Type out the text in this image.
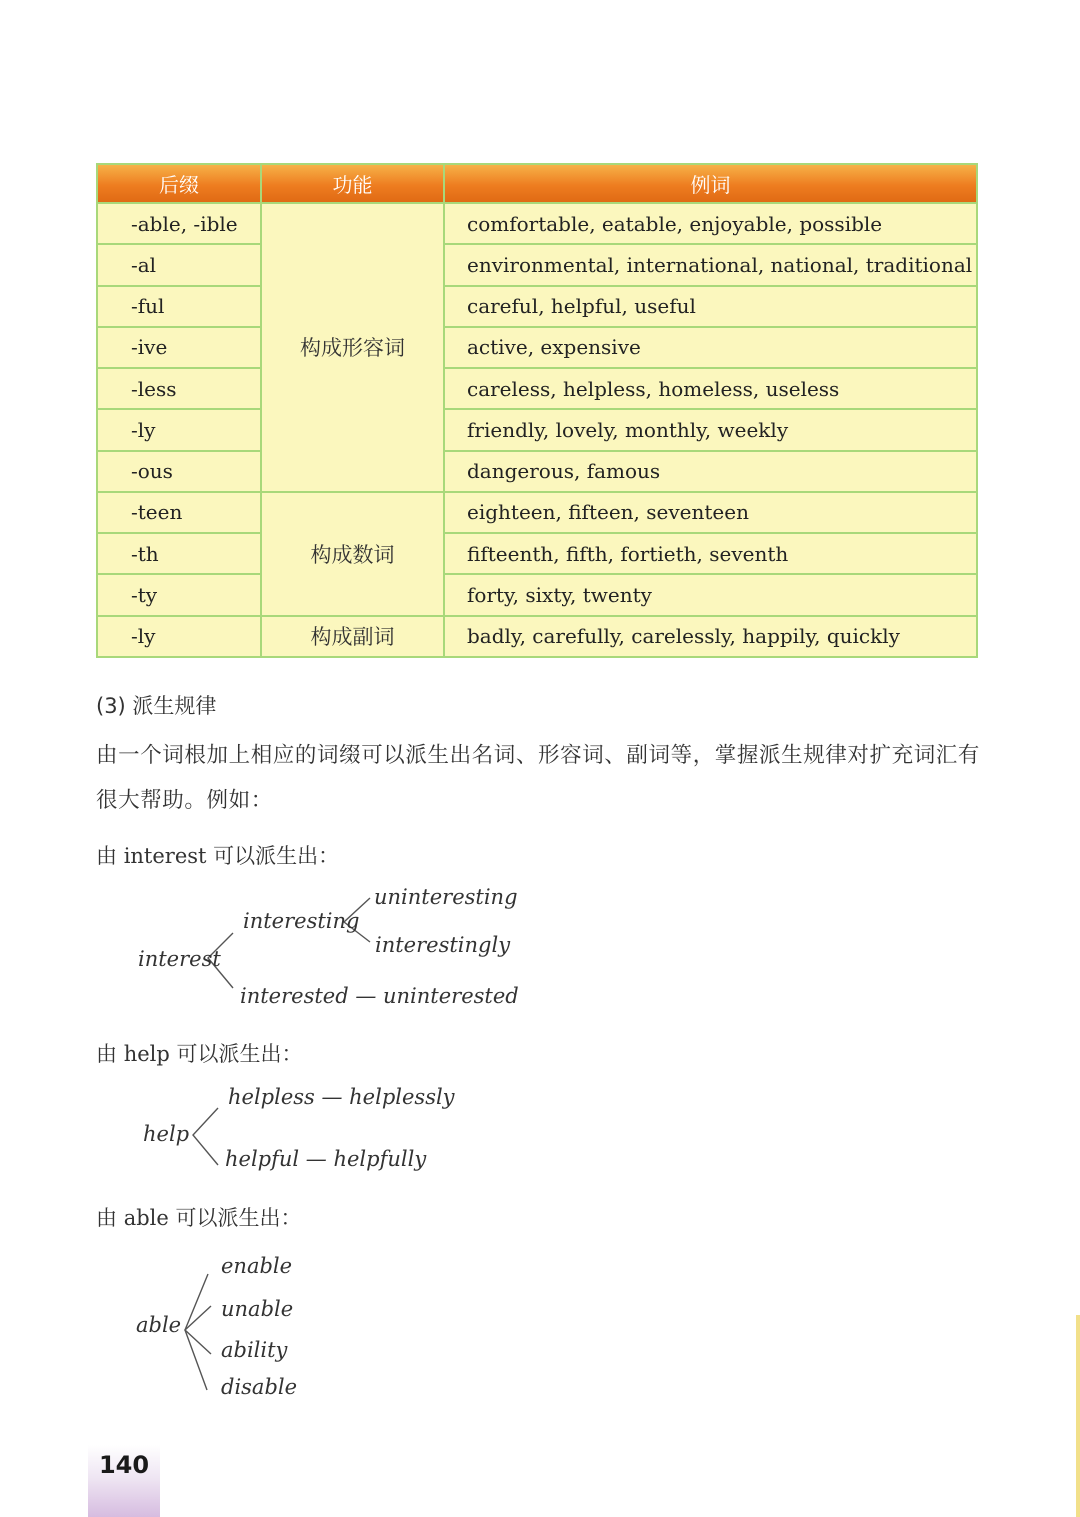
后缀	功能	例词
-able, -ible	构成形容词	comfortable, eatable, enjoyable, possible
-al		environmental, international, national, traditional
-ful		careful, helpful, useful
-ive		active, expensive
-less		careless, helpless, homeless, useless
-ly		friendly, lovely, monthly, weekly
-ous		dangerous, famous
-teen	构成数词	eighteen, fifteen, seventeen
-th		fifteenth, fifth, fortieth, seventh
-ty		forty, sixty, twenty
-ly	构成副词	badly, carefully, carelessly, happily, quickly
(3) 派生规律
由一个词根加上相应的词缀可以派生出名词、形容词、副词等，掌握派生规律对扩充词汇有很大帮助。例如：
由 interest 可以派生出：
interest
interesting
uninteresting
interestingly
interested — uninterested
由 help 可以派生出：
help
helpless — helplessly
helpful — helpfully
由 able 可以派生出：
able
enable
unable
ability
disable
140
